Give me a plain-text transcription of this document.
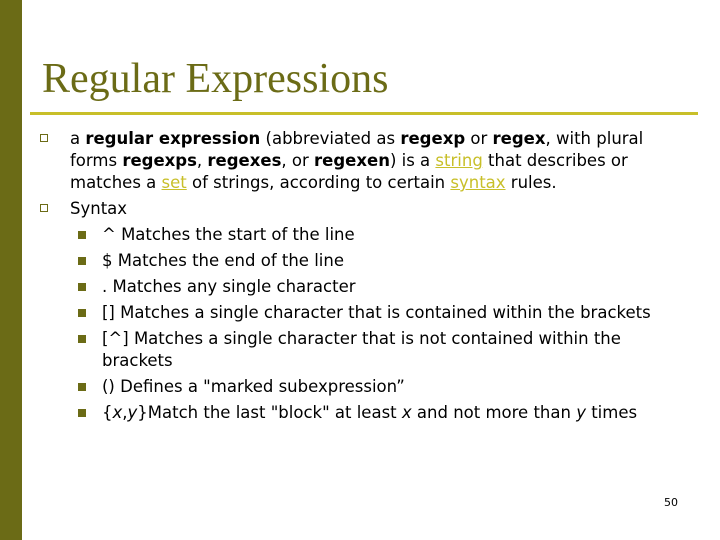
Regular Expressions
a regular expression (abbreviated as regexp or regex, with plural forms regexps, regexes, or regexen) is a string that describes or matches a set of strings, according to certain syntax rules.
Syntax
^ Matches the start of the line
$ Matches the end of the line
. Matches any single character
[] Matches a single character that is contained within the brackets
[^] Matches a single character that is not contained within the brackets
() Defines a "marked subexpression”
{x,y}Match the last "block" at least x and not more than y times
50
